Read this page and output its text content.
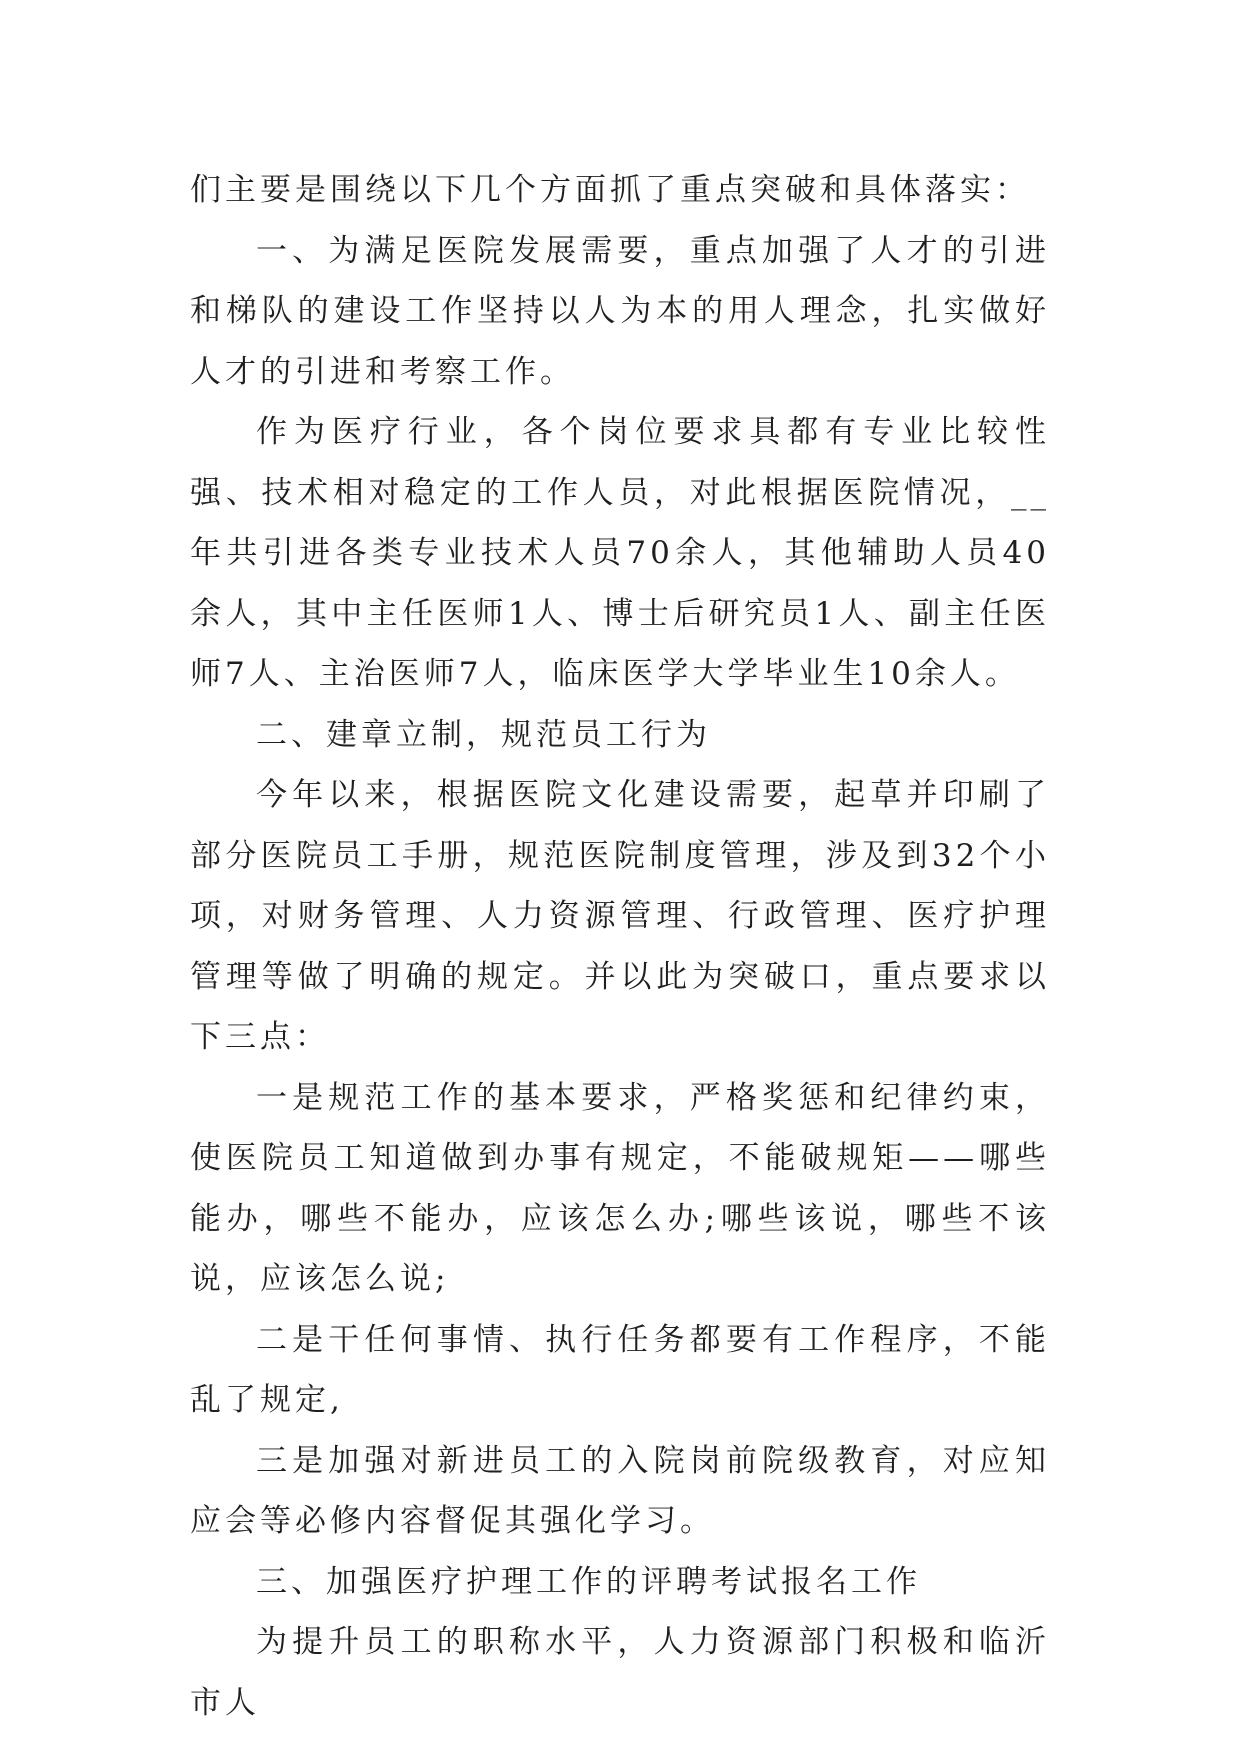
们主要是围绕以下几个方面抓了重点突破和具体落实：

一、为满足医院发展需要，重点加强了人才的引进和梯队的建设工作坚持以人为本的用人理念，扎实做好人才的引进和考察工作。

作为医疗行业，各个岗位要求具都有专业比较性强、技术相对稳定的工作人员，对此根据医院情况，__年共引进各类专业技术人员70余人，其他辅助人员40余人，其中主任医师1人、博士后研究员1人、副主任医师7人、主治医师7人，临床医学大学毕业生10余人。

二、建章立制，规范员工行为

今年以来，根据医院文化建设需要，起草并印刷了部分医院员工手册，规范医院制度管理，涉及到32个小项，对财务管理、人力资源管理、行政管理、医疗护理管理等做了明确的规定。并以此为突破口，重点要求以下三点：

一是规范工作的基本要求，严格奖惩和纪律约束，使医院员工知道做到办事有规定，不能破规矩——哪些能办，哪些不能办，应该怎么办;哪些该说，哪些不该说，应该怎么说;

二是干任何事情、执行任务都要有工作程序，不能乱了规定,

三是加强对新进员工的入院岗前院级教育，对应知应会等必修内容督促其强化学习。

三、加强医疗护理工作的评聘考试报名工作

为提升员工的职称水平，人力资源部门积极和临沂市人
